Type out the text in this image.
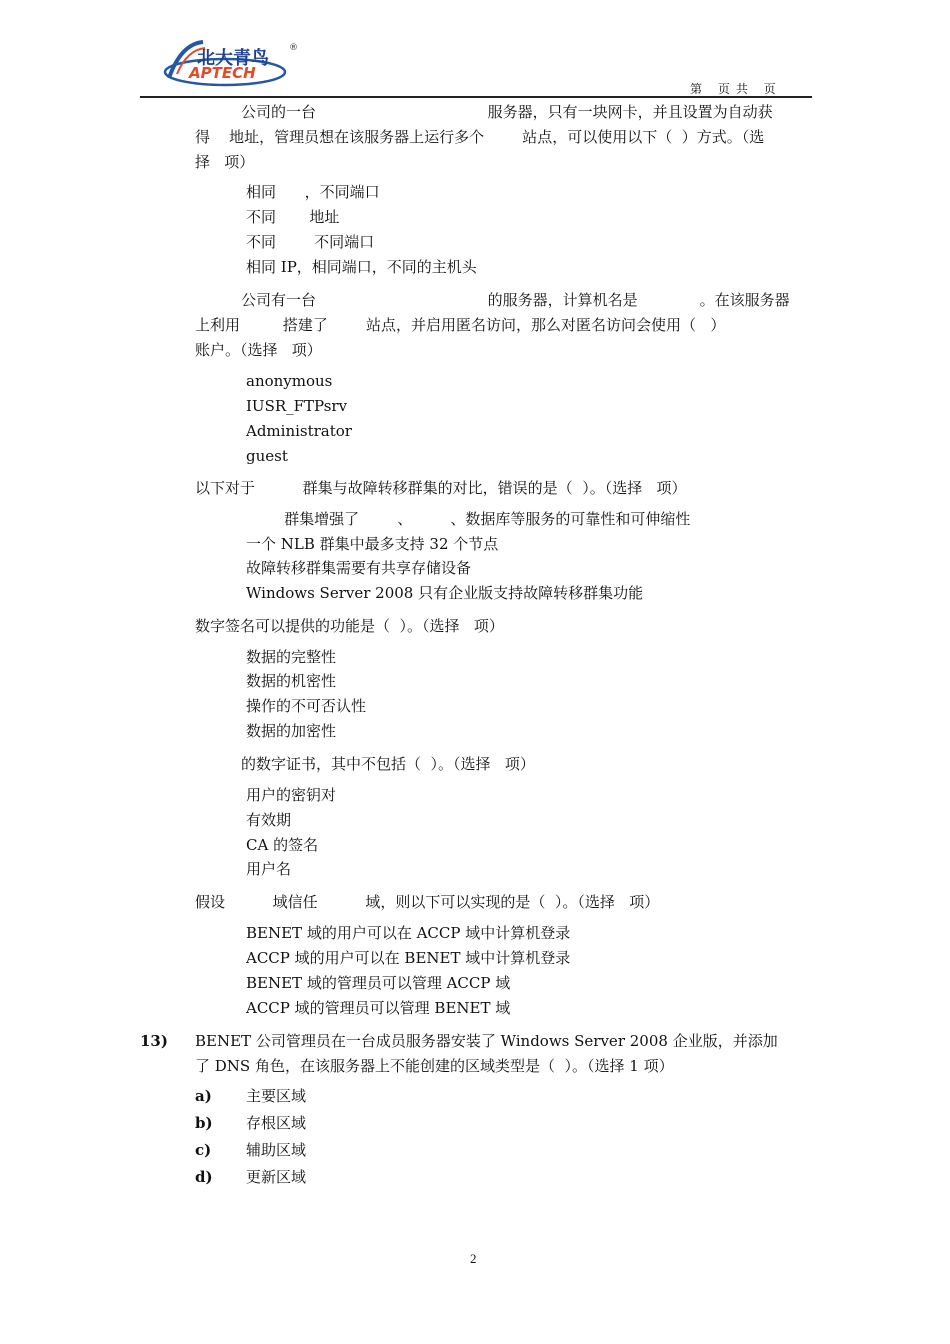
北大青鸟 ®
APTECH
第 页共 页
公司的一台                                    服务器，只有一块网卡，并且设置为自动获
得    地址，管理员想在该服务器上运行多个        站点，可以使用以下（  ）方式。（选
择   项）
相同      ，不同端口
不同       地址
不同        不同端口
相同 IP，相同端口，不同的主机头
公司有一台                                    的服务器，计算机名是             。在该服务器
上利用         搭建了        站点，并启用匿名访问，那么对匿名访问会使用（   ）
账户。（选择   项）
anonymous
IUSR_FTPsrv
Administrator
guest
以下对于          群集与故障转移群集的对比，错误的是（  ）。（选择   项）
群集增强了        、        、数据库等服务的可靠性和可伸缩性
一个 NLB 群集中最多支持 32 个节点
故障转移群集需要有共享存储设备
Windows Server 2008 只有企业版支持故障转移群集功能
数字签名可以提供的功能是（  ）。（选择   项）
数据的完整性
数据的机密性
操作的不可否认性
数据的加密性
的数字证书，其中不包括（  ）。（选择   项）
用户的密钥对
有效期
CA 的签名
用户名
假设          域信任          域，则以下可以实现的是（  ）。（选择   项）
BENET 域的用户可以在 ACCP 域中计算机登录
ACCP 域的用户可以在 BENET 域中计算机登录
BENET 域的管理员可以管理 ACCP 域
ACCP 域的管理员可以管理 BENET 域
13) BENET 公司管理员在一台成员服务器安装了 Windows Server 2008 企业版，并添加
了 DNS 角色，在该服务器上不能创建的区域类型是（  ）。（选择 1 项）
a) 主要区域
b) 存根区域
c) 辅助区域
d) 更新区域
2
